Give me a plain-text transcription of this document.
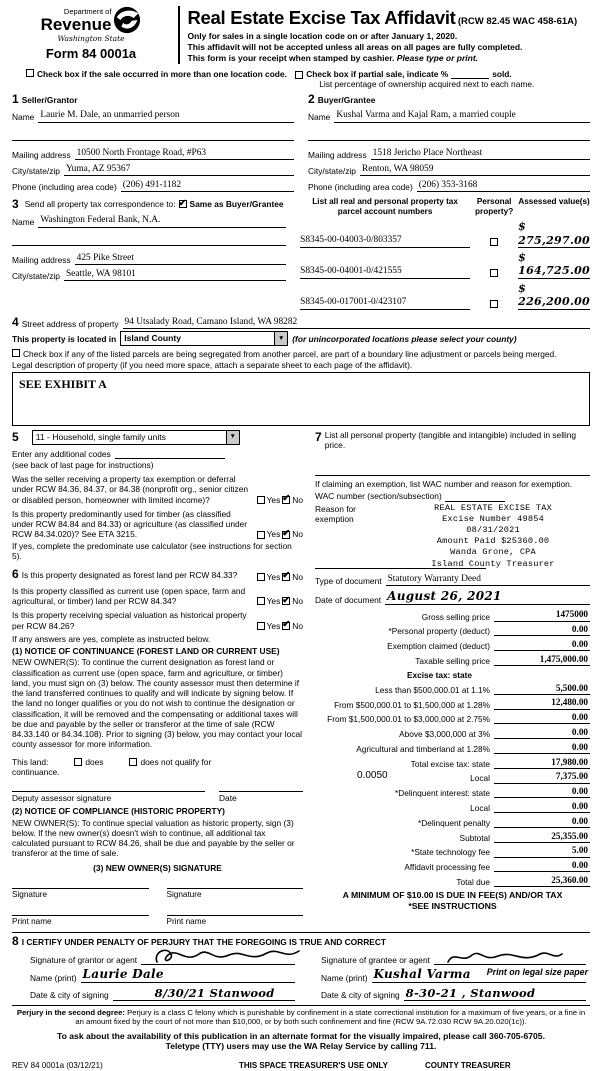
Department of
Revenue
Washington State
Form 84 0001a
Real Estate Excise Tax Affidavit (RCW 82.45 WAC 458-61A)
Only for sales in a single location code on or after January 1, 2020.
This affidavit will not be accepted unless all areas on all pages are fully completed.
This form is your receipt when stamped by cashier. Please type or print.
Check box if the sale occurred in more than one location code. Check box if partial sale, indicate %	sold.
List percentage of ownership acquired next to each name.
1 Seller/Grantor
Name Laurie M. Dale, an unmarried person
Mailing address 10500 North Frontage Road, #P63
City/state/zip Yuma, AZ 95367
Phone (including area code) (206) 491-1182
2 Buyer/Grantee
Name Kushal Varma and Kajal Ram, a married couple
Mailing address 1518 Jericho Place Northeast
City/state/zip Renton, WA 98059
Phone (including area code) (206) 353-3168
3 Send all property tax correspondence to:
✔ Same as Buyer/Grantee
Name Washington Federal Bank, N.A.
Mailing address 425 Pike Street
City/state/zip Seattle, WA 98101
List all real and personal property tax parcel account numbers
Personal property?
Assessed value(s)
S8345-00-04003-0/803357
$ 275,297.00
S8345-00-04001-0/421555
$ 164,725.00
S8345-00-017001-0/423107
$ 226,200.00
4 Street address of property 94 Utsalady Road, Camano Island, WA 98282
This property is located in Island County	▼ (for unincorporated locations please select your county)
Check box if any of the listed parcels are being segregated from another parcel, are part of a boundary line adjustment or parcels being merged.
Legal description of property (if you need more space, attach a separate sheet to each page of the affidavit).
SEE EXHIBIT A
5	11 - Household, single family units	▼
Enter any additional codes
(see back of last page for instructions)
Was the seller receiving a property tax exemption or deferral under RCW 84.36, 84.37, or 84.38 (nonprofit org., senior citizen or disabled person, homeowner with limited income)?	Yes ✔ No
Is this property predominantly used for timber (as classified under RCW 84.84 and 84.33) or agriculture (as classified under RCW 84.34.020)? See ETA 3215.	Yes ✔ No
If yes, complete the predominate use calculator (see instructions for section 5).
6 Is this property designated as forest land per RCW 84.33?	Yes ✔ No
Is this property classified as current use (open space, farm and agricultural, or timber) land per RCW 84.34?	Yes ✔ No
Is this property receiving special valuation as historical property per RCW 84.26?	Yes ✔ No
If any answers are yes, complete as instructed below.
(1) NOTICE OF CONTINUANCE (FOREST LAND OR CURRENT USE)
NEW OWNER(S): To continue the current designation as forest land or classification as current use (open space, farm and agriculture, or timber) land, you must sign on (3) below. The county assessor must then determine if the land transferred continues to qualify and will indicate by signing below. If the land no longer qualifies or you do not wish to continue the designation or classification, it will be removed and the compensating or additional taxes will be due and payable by the seller or transferor at the time of sale (RCW 84.33.140 or 84.34.108). Prior to signing (3) below, you may contact your local county assessor for more information.
This land:	does	does not qualify for
continuance.
Deputy assessor signature	Date
(2) NOTICE OF COMPLIANCE (HISTORIC PROPERTY)
NEW OWNER(S): To continue special valuation as historic property, sign (3) below. If the new owner(s) doesn't wish to continue, all additional tax calculated pursuant to RCW 84.26, shall be due and payable by the seller or transferor at the time of sale.
(3) NEW OWNER(S) SIGNATURE
Signature	Signature
Print name	Print name
7 List all personal property (tangible and intangible) included in selling price.
If claiming an exemption, list WAC number and reason for exemption.
WAC number (section/subsection)
Reason for exemption
REAL ESTATE EXCISE TAX
Excise Number 49854
08/31/2021
Amount Paid $25360.00
Wanda Grone, CPA
Island County Treasurer
Type of document Statutory Warranty Deed
Date of document August 26, 2021
Gross selling price	1475000
*Personal property (deduct)	0.00
Exemption claimed (deduct)	0.00
Taxable selling price	1,475,000.00
Excise tax: state
Less than $500,000.01 at 1.1%	5,500.00
From $500,000.01 to $1,500,000 at 1.28%	12,480.00
From $1,500,000.01 to $3,000,000 at 2.75%	0.00
Above $3,000,000 at 3%	0.00
Agricultural and timberland at 1.28%	0.00
Total excise tax: state	17,980.00
0.0050	Local	7,375.00
*Delinquent interest: state	0.00
Local	0.00
*Delinquent penalty	0.00
Subtotal	25,355.00
*State technology fee	5.00
Affidavit processing fee	0.00
Total due	25,360.00
A MINIMUM OF $10.00 IS DUE IN FEE(S) AND/OR TAX
*SEE INSTRUCTIONS
8 I CERTIFY UNDER PENALTY OF PERJURY THAT THE FOREGOING IS TRUE AND CORRECT
Signature of grantor or agent
Name (print) Laurie Dale
Date & city of signing	8/30/21 Stanwood
Signature of grantee or agent
Name (print) Kushal Varma
Date & city of signing 8-30-21 , Stanwood
Perjury in the second degree: Perjury is a class C felony which is punishable by confinement in a state correctional institution for a maximum of five years, or a fine in an amount fixed by the court of not more than $10,000, or by both such confinement and fine (RCW 9A.72.030 RCW 9A.20.020(1c)).
To ask about the availability of this publication in an alternate format for the visually impaired, please call 360-705-6705. Teletype (TTY) users may use the WA Relay Service by calling 711.
REV 84 0001a (03/12/21)	THIS SPACE TREASURER'S USE ONLY	COUNTY TREASURER
Print on legal size paper
